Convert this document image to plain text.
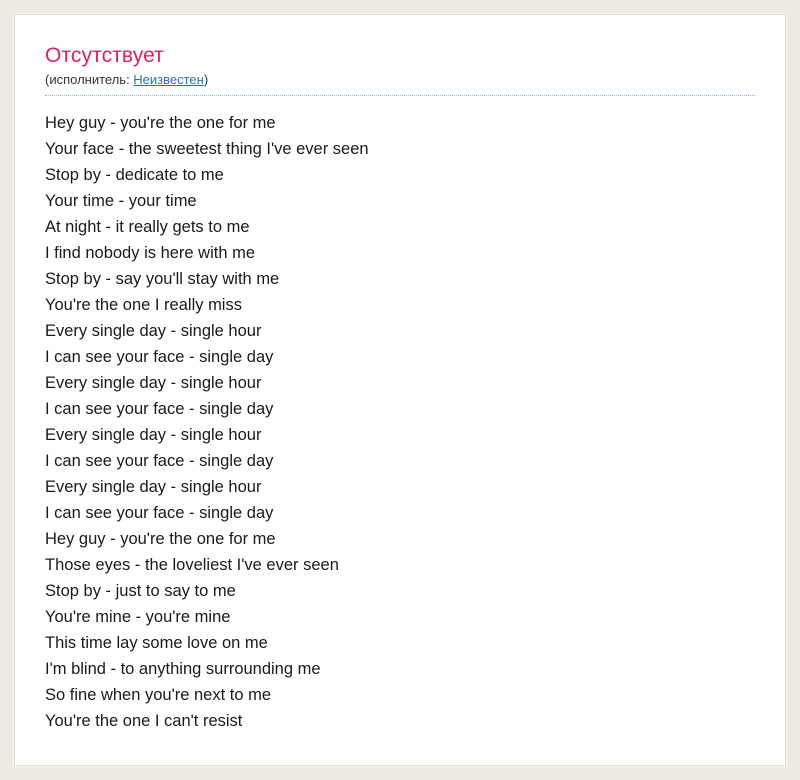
Отсутствует
(исполнитель: Неизвестен)
Hey guy - you're the one for me
Your face - the sweetest thing I've ever seen
Stop by - dedicate to me
Your time - your time
At night - it really gets to me
I find nobody is here with me
Stop by - say you'll stay with me
You're the one I really miss
Every single day - single hour
I can see your face - single day
Every single day - single hour
I can see your face - single day
Every single day - single hour
I can see your face - single day
Every single day - single hour
I can see your face - single day
Hey guy - you're the one for me
Those eyes - the loveliest I've ever seen
Stop by - just to say to me
You're mine - you're mine
This time lay some love on me
I'm blind - to anything surrounding me
So fine when you're next to me
You're the one I can't resist
